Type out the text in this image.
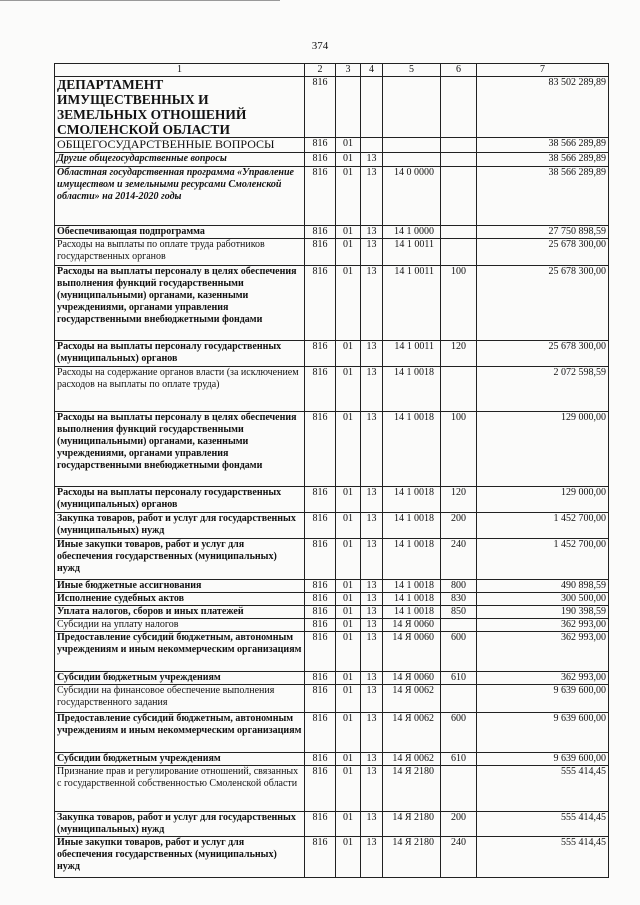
374
1	2	3	4	5	6	7
ДЕПАРТАМЕНТ ИМУЩЕСТВЕННЫХ И ЗЕМЕЛЬНЫХ ОТНОШЕНИЙ СМОЛЕНСКОЙ ОБЛАСТИ	816					83 502 289,89
ОБЩЕГОСУДАРСТВЕННЫЕ ВОПРОСЫ	816	01				38 566 289,89
Другие общегосударственные вопросы	816	01	13			38 566 289,89
Областная государственная программа «Управление имуществом и земельными ресурсами Смоленской области» на 2014-2020 годы	816	01	13	14 0 0000		38 566 289,89
Обеспечивающая подпрограмма	816	01	13	14 1 0000		27 750 898,59
Расходы на выплаты по оплате труда работников государственных органов	816	01	13	14 1 0011		25 678 300,00
Расходы на выплаты персоналу в целях обеспечения выполнения функций государственными (муниципальными) органами, казенными учреждениями, органами управления государственными внебюджетными фондами	816	01	13	14 1 0011	100	25 678 300,00
Расходы на выплаты персоналу государственных (муниципальных) органов	816	01	13	14 1 0011	120	25 678 300,00
Расходы на содержание органов власти (за исключением расходов на выплаты по оплате труда)	816	01	13	14 1 0018		2 072 598,59
Расходы на выплаты персоналу в целях обеспечения выполнения функций государственными (муниципальными) органами, казенными учреждениями, органами управления государственными внебюджетными фондами	816	01	13	14 1 0018	100	129 000,00
Расходы на выплаты персоналу государственных (муниципальных) органов	816	01	13	14 1 0018	120	129 000,00
Закупка товаров, работ и услуг для государственных (муниципальных) нужд	816	01	13	14 1 0018	200	1 452 700,00
Иные закупки товаров, работ и услуг для обеспечения государственных (муниципальных) нужд	816	01	13	14 1 0018	240	1 452 700,00
Иные бюджетные ассигнования	816	01	13	14 1 0018	800	490 898,59
Исполнение судебных актов	816	01	13	14 1 0018	830	300 500,00
Уплата налогов, сборов и иных платежей	816	01	13	14 1 0018	850	190 398,59
Субсидии на уплату налогов	816	01	13	14 Я 0060		362 993,00
Предоставление субсидий бюджетным, автономным учреждениям и иным некоммерческим организациям	816	01	13	14 Я 0060	600	362 993,00
Субсидии бюджетным учреждениям	816	01	13	14 Я 0060	610	362 993,00
Субсидии на финансовое обеспечение выполнения государственного задания	816	01	13	14 Я 0062		9 639 600,00
Предоставление субсидий бюджетным, автономным учреждениям и иным некоммерческим организациям	816	01	13	14 Я 0062	600	9 639 600,00
Субсидии бюджетным учреждениям	816	01	13	14 Я 0062	610	9 639 600,00
Признание прав и регулирование отношений, связанных с государственной собственностью Смоленской области	816	01	13	14 Я 2180		555 414,45
Закупка товаров, работ и услуг для государственных (муниципальных) нужд	816	01	13	14 Я 2180	200	555 414,45
Иные закупки товаров, работ и услуг для обеспечения государственных (муниципальных) нужд	816	01	13	14 Я 2180	240	555 414,45
